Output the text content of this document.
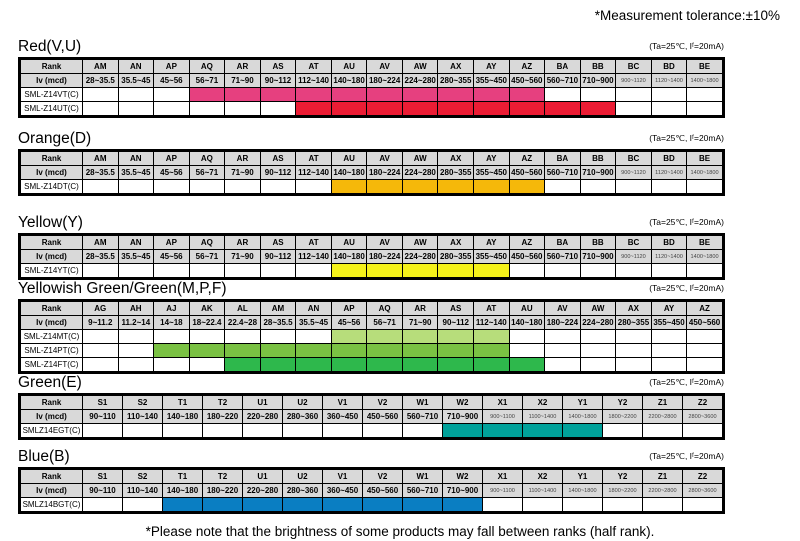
*Measurement tolerance:±10%
Red(V,U)	(Ta=25℃, Iᶠ=20mA)
Rank	AM	AN	AP	AQ	AR	AS	AT	AU	AV	AW	AX	AY	AZ	BA	BB	BC	BD	BE
Iv (mcd)	28~35.5	35.5~45	45~56	56~71	71~90	90~112	112~140	140~180	180~224	224~280	280~355	355~450	450~560	560~710	710~900	900~1120	1120~1400	1400~1800
SML-Z14VT(C)																		
SML-Z14UT(C)																		
Orange(D)	(Ta=25℃, Iᶠ=20mA)
Rank	AM	AN	AP	AQ	AR	AS	AT	AU	AV	AW	AX	AY	AZ	BA	BB	BC	BD	BE
Iv (mcd)	28~35.5	35.5~45	45~56	56~71	71~90	90~112	112~140	140~180	180~224	224~280	280~355	355~450	450~560	560~710	710~900	900~1120	1120~1400	1400~1800
SML-Z14DT(C)																		
Yellow(Y)	(Ta=25℃, Iᶠ=20mA)
Rank	AM	AN	AP	AQ	AR	AS	AT	AU	AV	AW	AX	AY	AZ	BA	BB	BC	BD	BE
Iv (mcd)	28~35.5	35.5~45	45~56	56~71	71~90	90~112	112~140	140~180	180~224	224~280	280~355	355~450	450~560	560~710	710~900	900~1120	1120~1400	1400~1800
SML-Z14YT(C)																		
Yellowish Green/Green(M,P,F)	(Ta=25℃, Iᶠ=20mA)
Rank	AG	AH	AJ	AK	AL	AM	AN	AP	AQ	AR	AS	AT	AU	AV	AW	AX	AY	AZ
Iv (mcd)	9~11.2	11.2~14	14~18	18~22.4	22.4~28	28~35.5	35.5~45	45~56	56~71	71~90	90~112	112~140	140~180	180~224	224~280	280~355	355~450	450~560
SML-Z14MT(C)																		
SML-Z14PT(C)																		
SML-Z14FT(C)																		
Green(E)	(Ta=25℃, Iᶠ=20mA)
Rank	S1	S2	T1	T2	U1	U2	V1	V2	W1	W2	X1	X2	Y1	Y2	Z1	Z2
Iv (mcd)	90~110	110~140	140~180	180~220	220~280	280~360	360~450	450~560	560~710	710~900	900~1100	1100~1400	1400~1800	1800~2200	2200~2800	2800~3600
SMLZ14EGT(C)																
Blue(B)	(Ta=25℃, Iᶠ=20mA)
Rank	S1	S2	T1	T2	U1	U2	V1	V2	W1	W2	X1	X2	Y1	Y2	Z1	Z2
Iv (mcd)	90~110	110~140	140~180	180~220	220~280	280~360	360~450	450~560	560~710	710~900	900~1100	1100~1400	1400~1800	1800~2200	2200~2800	2800~3600
SMLZ14BGT(C)																
*Please note that the brightness of some products may fall between ranks (half rank).
